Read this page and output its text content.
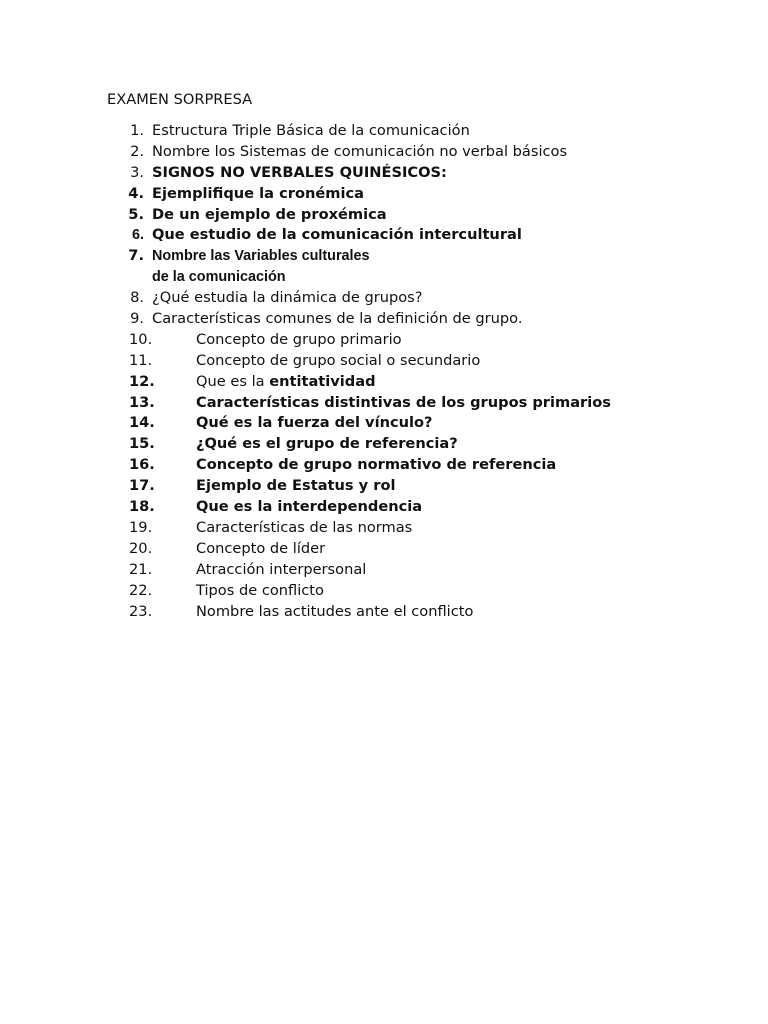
EXAMEN SORPRESA
1. Estructura Triple Básica de la comunicación
2. Nombre los Sistemas de comunicación no verbal básicos
3. SIGNOS NO VERBALES QUINÉSICOS:
4. Ejemplifique la cronémica
5. De un ejemplo de proxémica
6. Que estudio de la comunicación intercultural
7. Nombre las Variables culturales
de la comunicación
8. ¿Qué estudia la dinámica de grupos?
9. Características comunes de la definición de grupo.
10.	Concepto de grupo primario
11.	Concepto de grupo social o secundario
12.	Que es la entitatividad
13.	Características distintivas de los grupos primarios
14.	Qué es la fuerza del vínculo?
15.	¿Qué es el grupo de referencia?
16.	Concepto de grupo normativo de referencia
17.	Ejemplo de Estatus y rol
18.	Que es la interdependencia
19.	Características de las normas
20.	Concepto de líder
21.	Atracción interpersonal
22.	Tipos de conflicto
23.	Nombre las actitudes ante el conflicto
